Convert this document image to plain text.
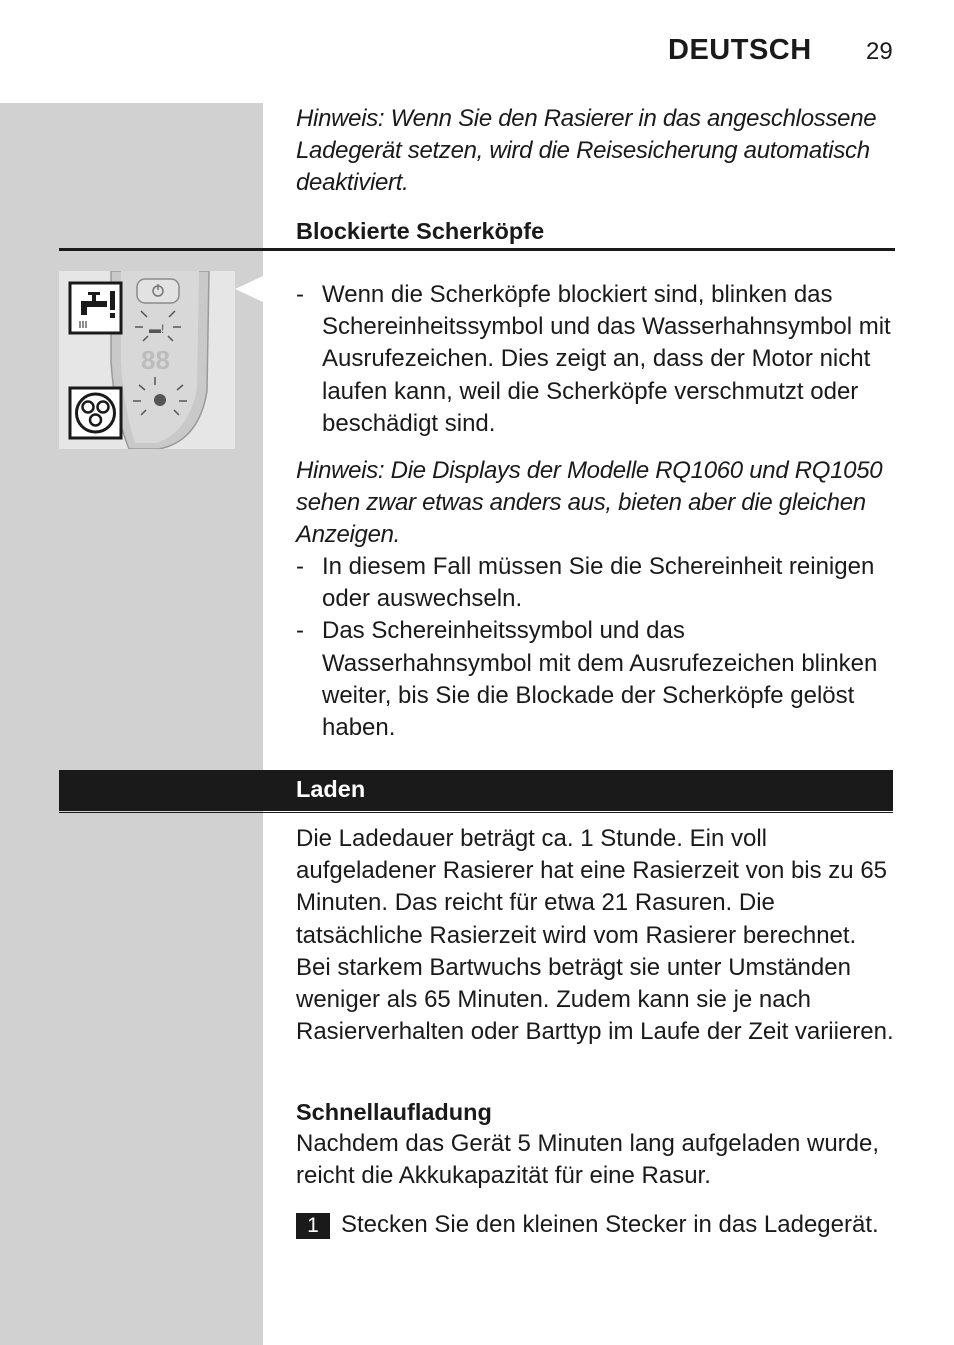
DEUTSCH 29
Hinweis: Wenn Sie den Rasierer in das angeschlossene Ladegerät setzen, wird die Reisesicherung automatisch deaktiviert.
Blockierte Scherköpfe
▬!
88
- Wenn die Scherköpfe blockiert sind, blinken das Schereinheitssymbol und das Wasserhahnsymbol mit Ausrufezeichen. Dies zeigt an, dass der Motor nicht laufen kann, weil die Scherköpfe verschmutzt oder beschädigt sind.
Hinweis: Die Displays der Modelle RQ1060 und RQ1050 sehen zwar etwas anders aus, bieten aber die gleichen Anzeigen.
- In diesem Fall müssen Sie die Schereinheit reinigen oder auswechseln.
- Das Schereinheitssymbol und das Wasserhahnsymbol mit dem Ausrufezeichen blinken weiter, bis Sie die Blockade der Scherköpfe gelöst haben.
Laden
Die Ladedauer beträgt ca. 1 Stunde. Ein voll aufgeladener Rasierer hat eine Rasierzeit von bis zu 65 Minuten. Das reicht für etwa 21 Rasuren. Die tatsächliche Rasierzeit wird vom Rasierer berechnet. Bei starkem Bartwuchs beträgt sie unter Umständen weniger als 65 Minuten. Zudem kann sie je nach Rasierverhalten oder Barttyp im Laufe der Zeit variieren.
Schnellaufladung
Nachdem das Gerät 5 Minuten lang aufgeladen wurde, reicht die Akkukapazität für eine Rasur.
1 Stecken Sie den kleinen Stecker in das Ladegerät.
